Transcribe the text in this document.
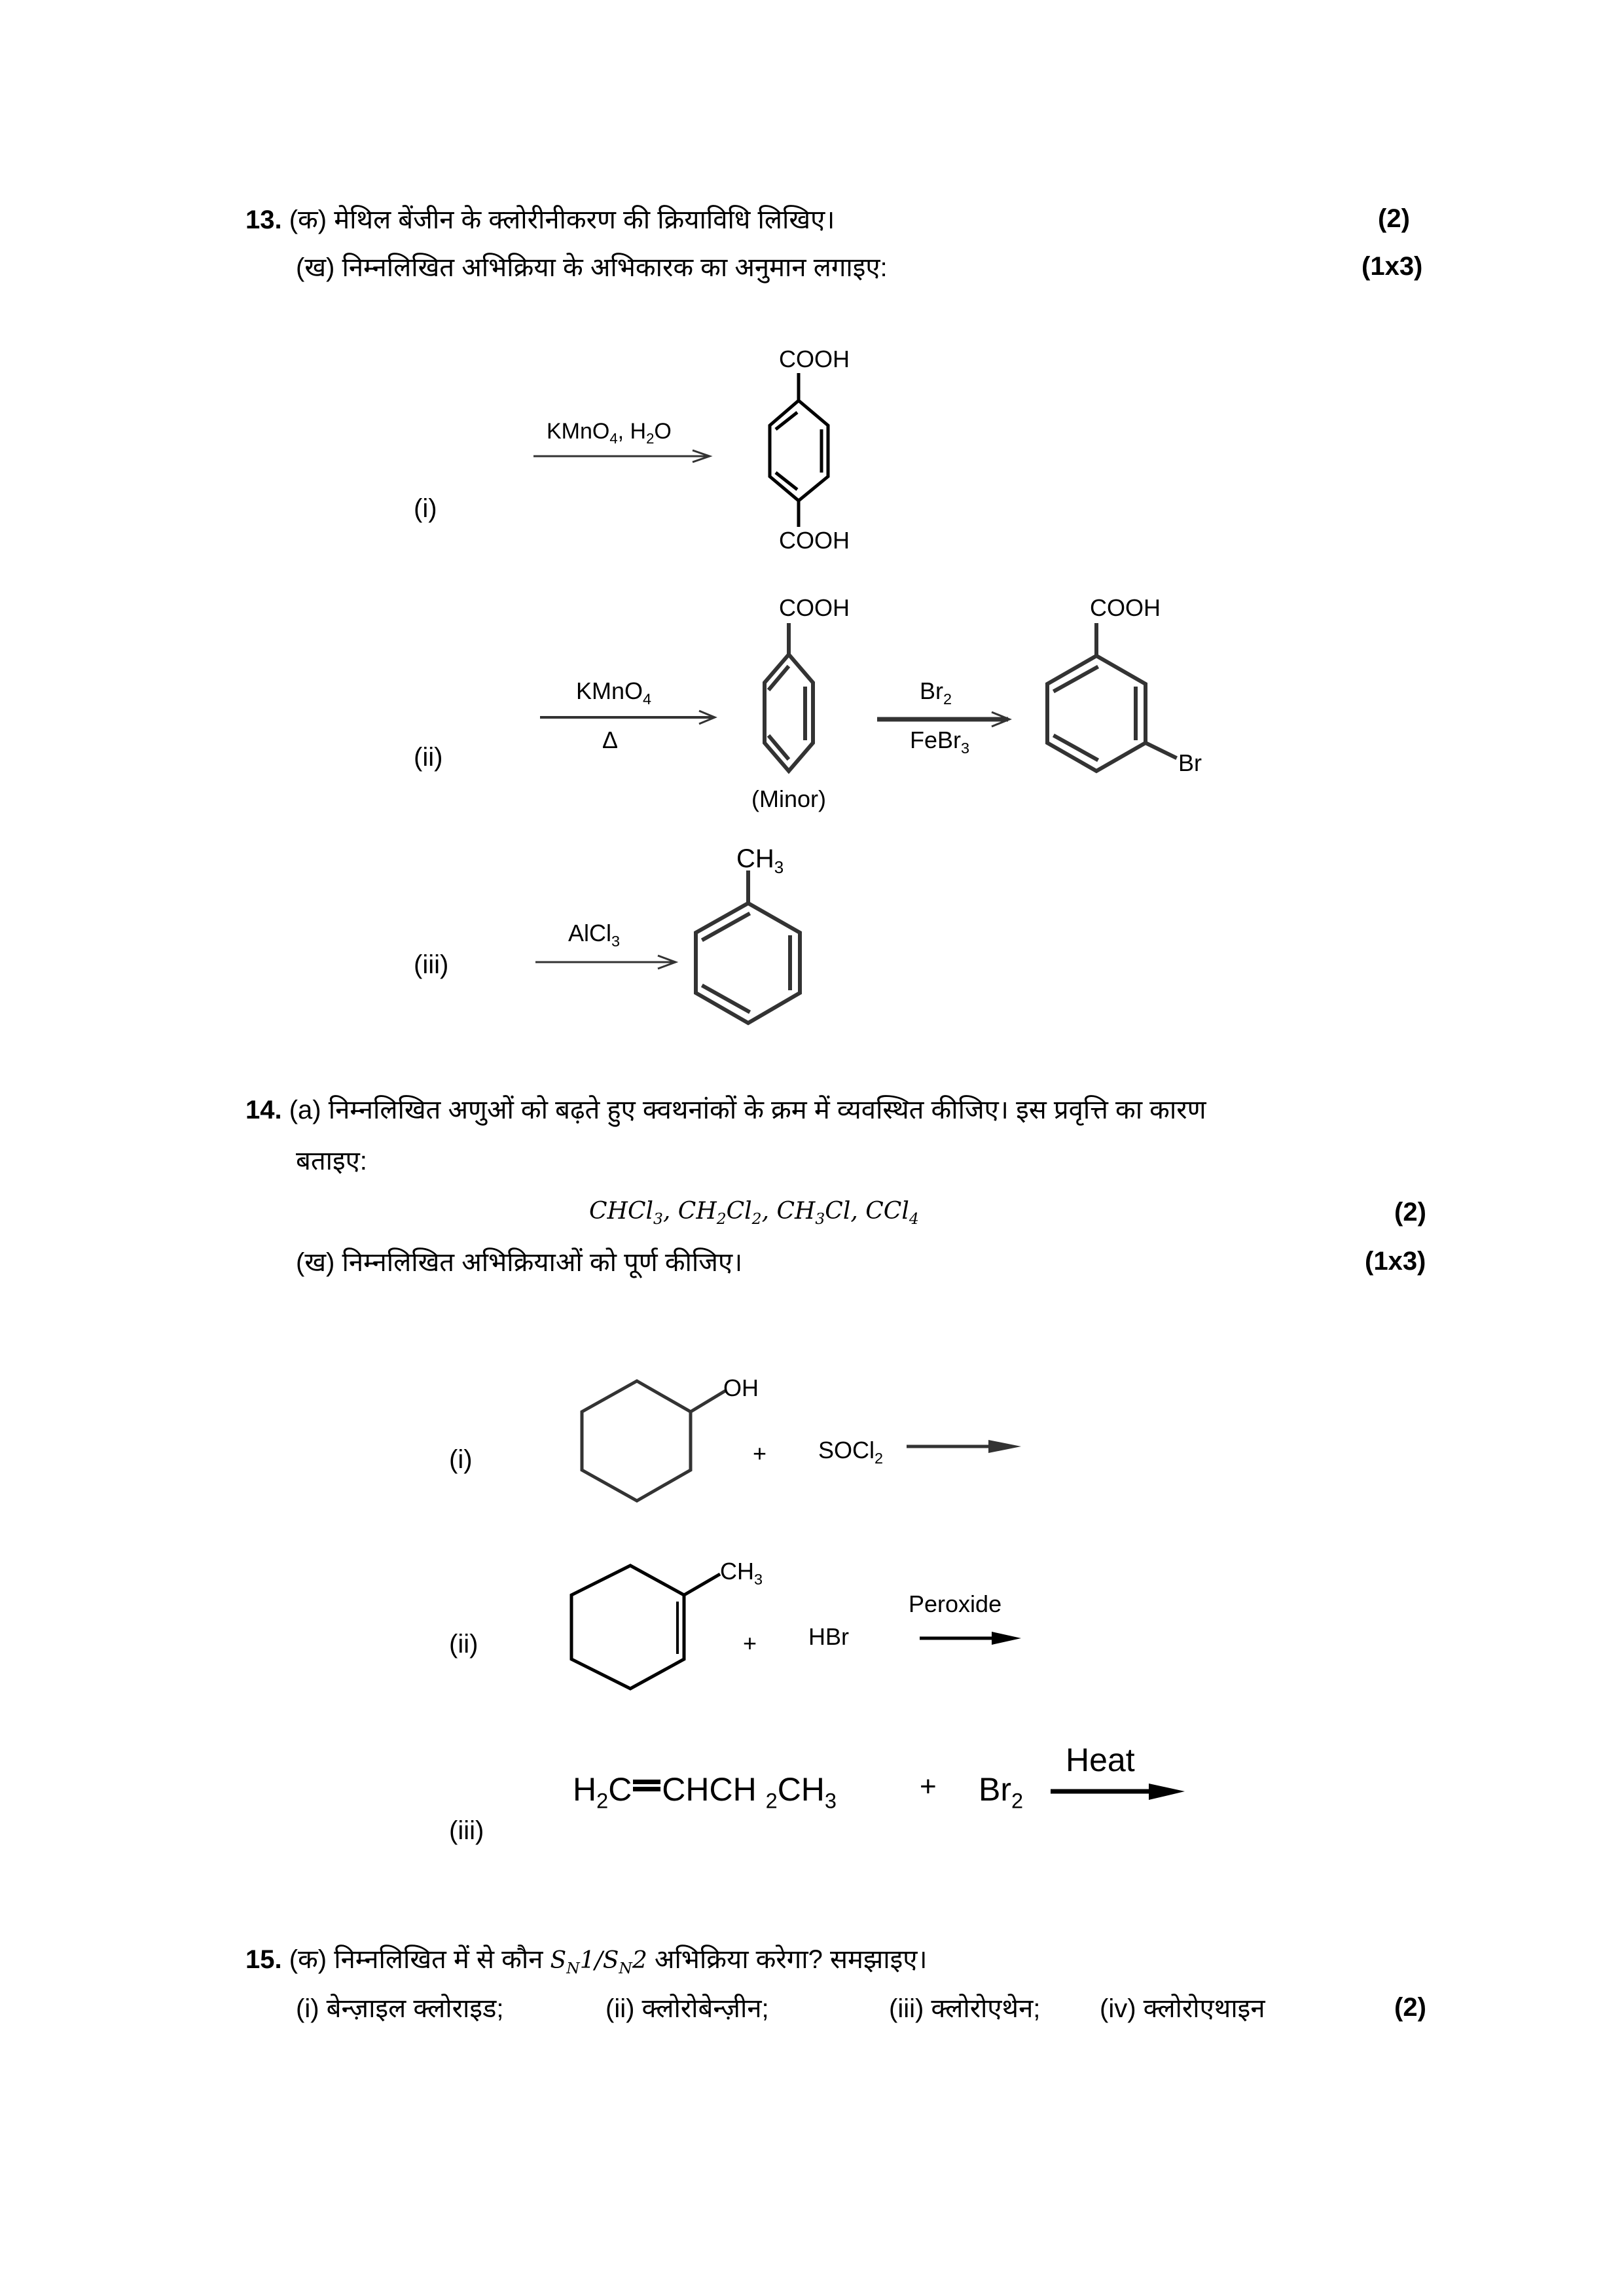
13. (क) मेथिल बेंजीन के क्लोरीनीकरण की क्रियाविधि लिखिए।	(2)
(ख) निम्नलिखित अभिक्रिया के अभिकारक का अनुमान लगाइए:	(1x3)
(i)
KMnO$_4$, $H_2O$
COOH
COOH
(ii)
KMnO$_4$
Δ
COOH
(Minor)
$Br_2$
FeBr$_3$
COOH
Br
(iii)
AlCl$_3$
$CH_3$
14. (a) निम्नलिखित अणुओं को बढ़ते हुए क्वथनांकों के क्रम में व्यवस्थित कीजिए। इस प्रवृत्ति का कारण
बताइए:
CHCl$_3$, $CH_2Cl_2$, $CH_3Cl$, CCl$_4$	(2)
(ख) निम्नलिखित अभिक्रियाओं को पूर्ण कीजिए।	(1x3)
(i)
OH
+ SOCl$_2$
(ii)
$CH_3$
+ HBr
Peroxide
(iii)
$H_2C$ CHCH $_2CH_3$	+ $Br_2$
Heat
15. (क) निम्नलिखित में से कौन $S_N1/S_N2$ अभिक्रिया करेगा? समझाइए।
(i) बेन्ज़ाइल क्लोराइड;	(ii) क्लोरोबेन्ज़ीन;	(iii) क्लोरोएथेन; (iv) क्लोरोएथाइन	(2)
